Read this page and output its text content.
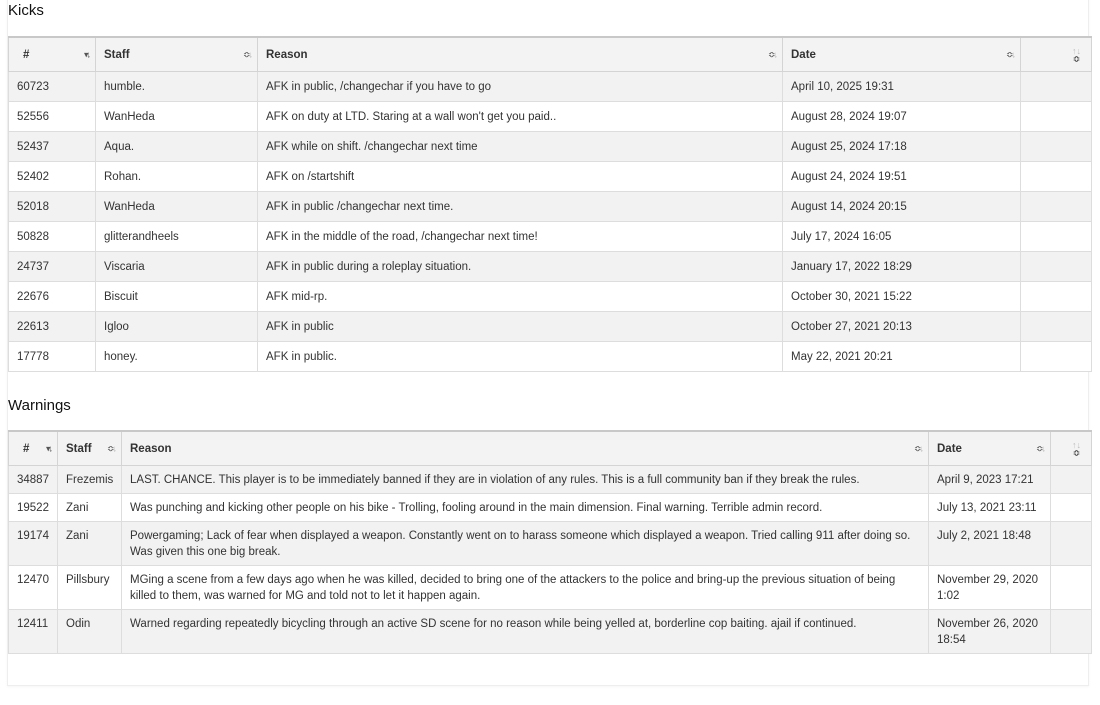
Kicks
# ▾↓	Staff ≎↓	Reason ≎↓	Date ≎↓	↑↓
≎

60723	humble.	AFK in public, /changechar if you have to go	April 10, 2025 19:31	
52556	WanHeda	AFK on duty at LTD. Staring at a wall won't get you paid..	August 28, 2024 19:07	
52437	Aqua.	AFK while on shift. /changechar next time	August 25, 2024 17:18	
52402	Rohan.	AFK on /startshift	August 24, 2024 19:51	
52018	WanHeda	AFK in public /changechar next time.	August 14, 2024 20:15	
50828	glitterandheels	AFK in the middle of the road, /changechar next time!	July 17, 2024 16:05	
24737	Viscaria	AFK in public during a roleplay situation.	January 17, 2022 18:29	
22676	Biscuit	AFK mid-rp.	October 30, 2021 15:22	
22613	Igloo	AFK in public	October 27, 2021 20:13	
17778	honey.	AFK in public.	May 22, 2021 20:21	
Warnings
# ▾↓	Staff ≎↓	Reason ≎↓	Date ≎↓	↑↓
≎

34887	Frezemis	LAST. CHANCE. This player is to be immediately banned if they are in violation of any rules. This is a full community ban if they break the rules.	April 9, 2023 17:21	
19522	Zani	Was punching and kicking other people on his bike - Trolling, fooling around in the main dimension. Final warning. Terrible admin record.	July 13, 2021 23:11	
19174	Zani	Powergaming; Lack of fear when displayed a weapon. Constantly went on to harass someone which displayed a weapon. Tried calling 911 after doing so. Was given this one big break.	July 2, 2021 18:48	
12470	Pillsbury	MGing a scene from a few days ago when he was killed, decided to bring one of the attackers to the police and bring-up the previous situation of being killed to them, was warned for MG and told not to let it happen again.	November 29, 2020 1:02	
12411	Odin	Warned regarding repeatedly bicycling through an active SD scene for no reason while being yelled at, borderline cop baiting. ajail if continued.	November 26, 2020 18:54	
